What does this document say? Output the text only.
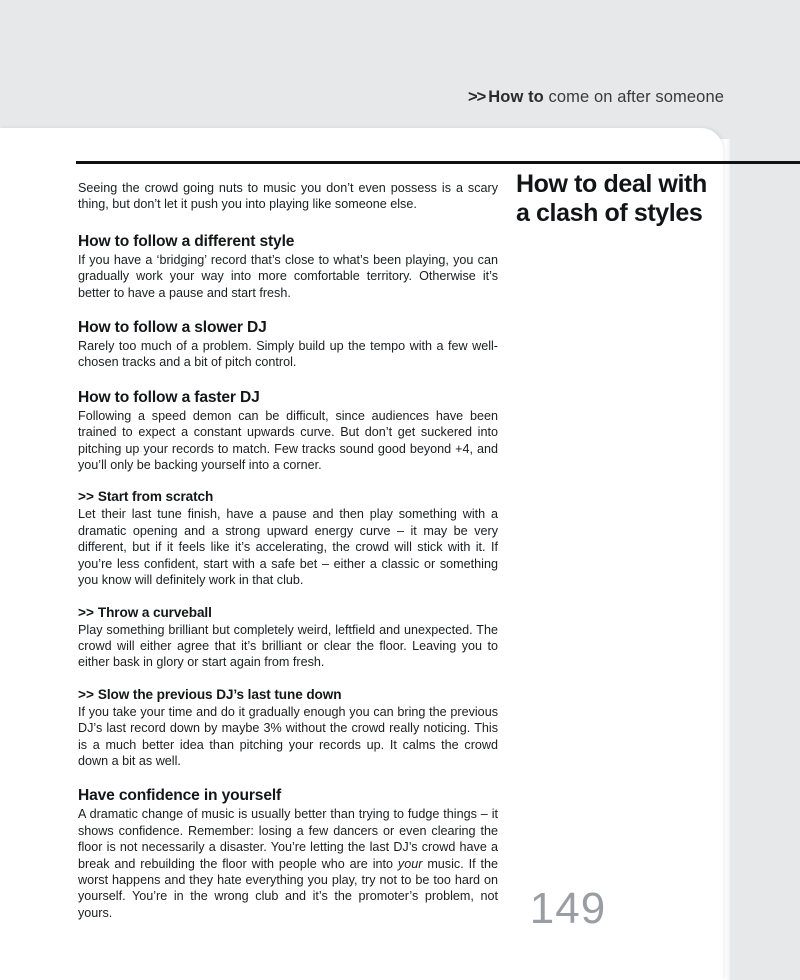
>> How to come on after someone
How to deal with a clash of styles

Seeing the crowd going nuts to music you don’t even possess is a scary thing, but don’t let it push you into playing like someone else.

How to follow a different style

If you have a ‘bridging’ record that’s close to what’s been playing, you can gradually work your way into more comfortable territory. Otherwise it’s better to have a pause and start fresh.

How to follow a slower DJ

Rarely too much of a problem. Simply build up the tempo with a few well-chosen tracks and a bit of pitch control.

How to follow a faster DJ

Following a speed demon can be difficult, since audiences have been trained to expect a constant upwards curve. But don’t get suckered into pitching up your records to match. Few tracks sound good beyond +4, and you’ll only be backing yourself into a corner.

>> Start from scratch

Let their last tune finish, have a pause and then play something with a dramatic opening and a strong upward energy curve – it may be very different, but if it feels like it’s accelerating, the crowd will stick with it. If you’re less confident, start with a safe bet – either a classic or something you know will definitely work in that club.

>> Throw a curveball

Play something brilliant but completely weird, leftfield and unexpected. The crowd will either agree that it’s brilliant or clear the floor. Leaving you to either bask in glory or start again from fresh.

>> Slow the previous DJ’s last tune down

If you take your time and do it gradually enough you can bring the previous DJ’s last record down by maybe 3% without the crowd really noticing. This is a much better idea than pitching your records up. It calms the crowd down a bit as well.

Have confidence in yourself

A dramatic change of music is usually better than trying to fudge things – it shows confidence. Remember: losing a few dancers or even clearing the floor is not necessarily a disaster. You’re letting the last DJ’s crowd have a break and rebuilding the floor with people who are into your music. If the worst happens and they hate everything you play, try not to be too hard on yourself. You’re in the wrong club and it’s the promoter’s problem, not yours.	149
